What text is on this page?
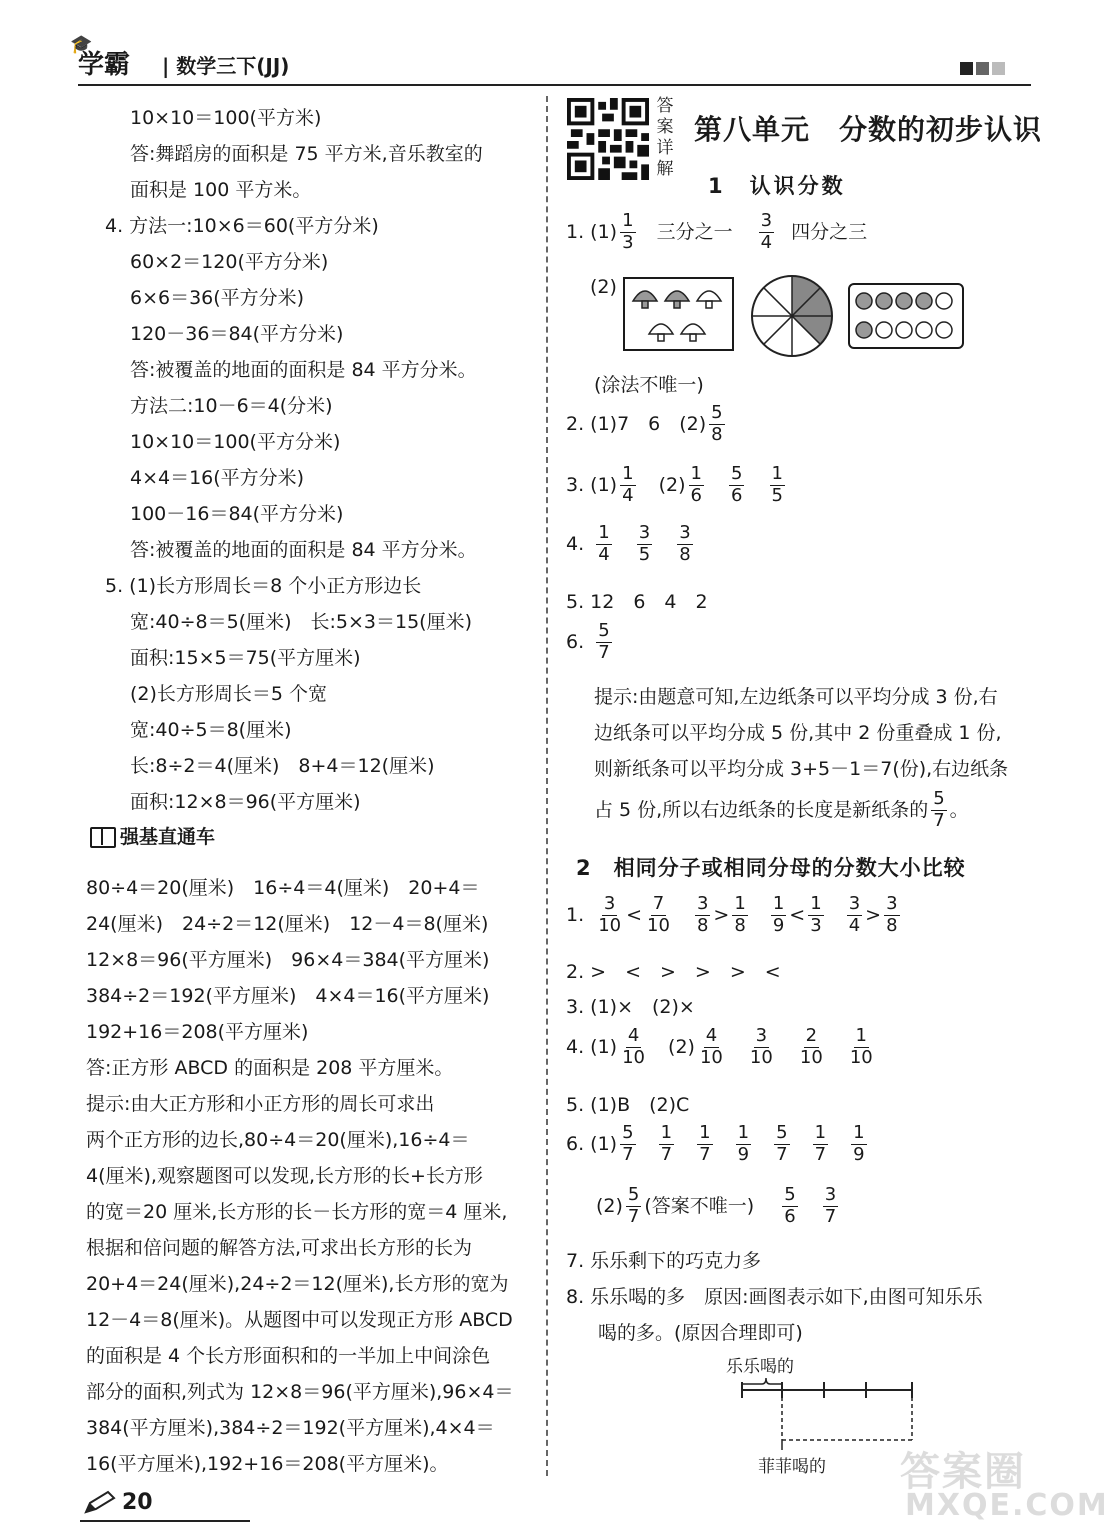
🎓
学霸 | 数学三下(JJ)
10×10＝100(平方米)
答:舞蹈房的面积是 75 平方米,音乐教室的
面积是 100 平方米。
4. 方法一:10×6＝60(平方分米)
60×2＝120(平方分米)
6×6＝36(平方分米)
120－36＝84(平方分米)
答:被覆盖的地面的面积是 84 平方分米。
方法二:10－6＝4(分米)
10×10＝100(平方分米)
4×4＝16(平方分米)
100－16＝84(平方分米)
答:被覆盖的地面的面积是 84 平方分米。
5. (1)长方形周长＝8 个小正方形边长
宽:40÷8＝5(厘米)　长:5×3＝15(厘米)
面积:15×5＝75(平方厘米)
(2)长方形周长＝5 个宽
宽:40÷5＝8(厘米)
长:8÷2＝4(厘米)　8+4＝12(厘米)
面积:12×8＝96(平方厘米)
强基直通车
80÷4＝20(厘米)　16÷4＝4(厘米)　20+4＝
24(厘米)　24÷2＝12(厘米)　12－4＝8(厘米)
12×8＝96(平方厘米)　96×4＝384(平方厘米)
384÷2＝192(平方厘米)　4×4＝16(平方厘米)
192+16＝208(平方厘米)
答:正方形 ABCD 的面积是 208 平方厘米。
提示:由大正方形和小正方形的周长可求出
两个正方形的边长,80÷4＝20(厘米),16÷4＝
4(厘米),观察题图可以发现,长方形的长+长方形
的宽＝20 厘米,长方形的长－长方形的宽＝4 厘米,
根据和倍问题的解答方法,可求出长方形的长为
20+4＝24(厘米),24÷2＝12(厘米),长方形的宽为
12－4＝8(厘米)。从题图中可以发现正方形 ABCD
的面积是 4 个长方形面积和的一半加上中间涂色
部分的面积,列式为 12×8＝96(平方厘米),96×4＝
384(平方厘米),384÷2＝192(平方厘米),4×4＝
16(平方厘米),192+16＝208(平方厘米)。
答案详解
第八单元　分数的初步认识
1　认识分数
1. $(1) \frac{1}{3}$ 三分之一 $\frac{3}{4}$ 四分之三
(2)
(涂法不唯一)
2. (1)7　6　$(2) \frac{5}{8}$
3. $(1) \frac{1}{4} (2) \frac{1}{6}$
$\frac{5}{6}$
$\frac{1}{5}$
4. $\frac{1}{4}$
$\frac{3}{5}$
$\frac{3}{8}$
5. 12　6　4　2
6. $\frac{5}{7}$
提示:由题意可知,左边纸条可以平均分成 3 份,右
边纸条可以平均分成 5 份,其中 2 份重叠成 1 份,
则新纸条可以平均分成 3+5－1＝7(份),右边纸条
占 5 份,所以右边纸条的长度是新纸条的 $\frac{5}{7}$ 。
2　相同分子或相同分母的分数大小比较
1. $\frac{3}{10} < \frac{7}{10}$
$\frac{3}{8} > \frac{1}{8}$
$\frac{1}{9} < \frac{1}{3}$
$\frac{3}{4} > \frac{3}{8}$
2. >　<　>　>　>　<
3. (1)×　(2)×
4. $(1) \frac{4}{10} (2) \frac{4}{10}$
$\frac{3}{10}$
$\frac{2}{10}$
$\frac{1}{10}$
5. (1)B　(2)C
6. $(1) \frac{5}{7}$
$\frac{1}{7}$
$\frac{1}{7}$
$\frac{1}{9}$
$\frac{5}{7}$
$\frac{1}{7}$
$\frac{1}{9}$
$(2) \frac{5}{7}$ (答案不唯一) $\frac{5}{6}$
$\frac{3}{7}$
7. 乐乐剩下的巧克力多
8. 乐乐喝的多　原因:画图表示如下,由图可知乐乐
喝的多。(原因合理即可)
乐乐喝的
菲菲喝的
20
答案圈
MXQE.COM
